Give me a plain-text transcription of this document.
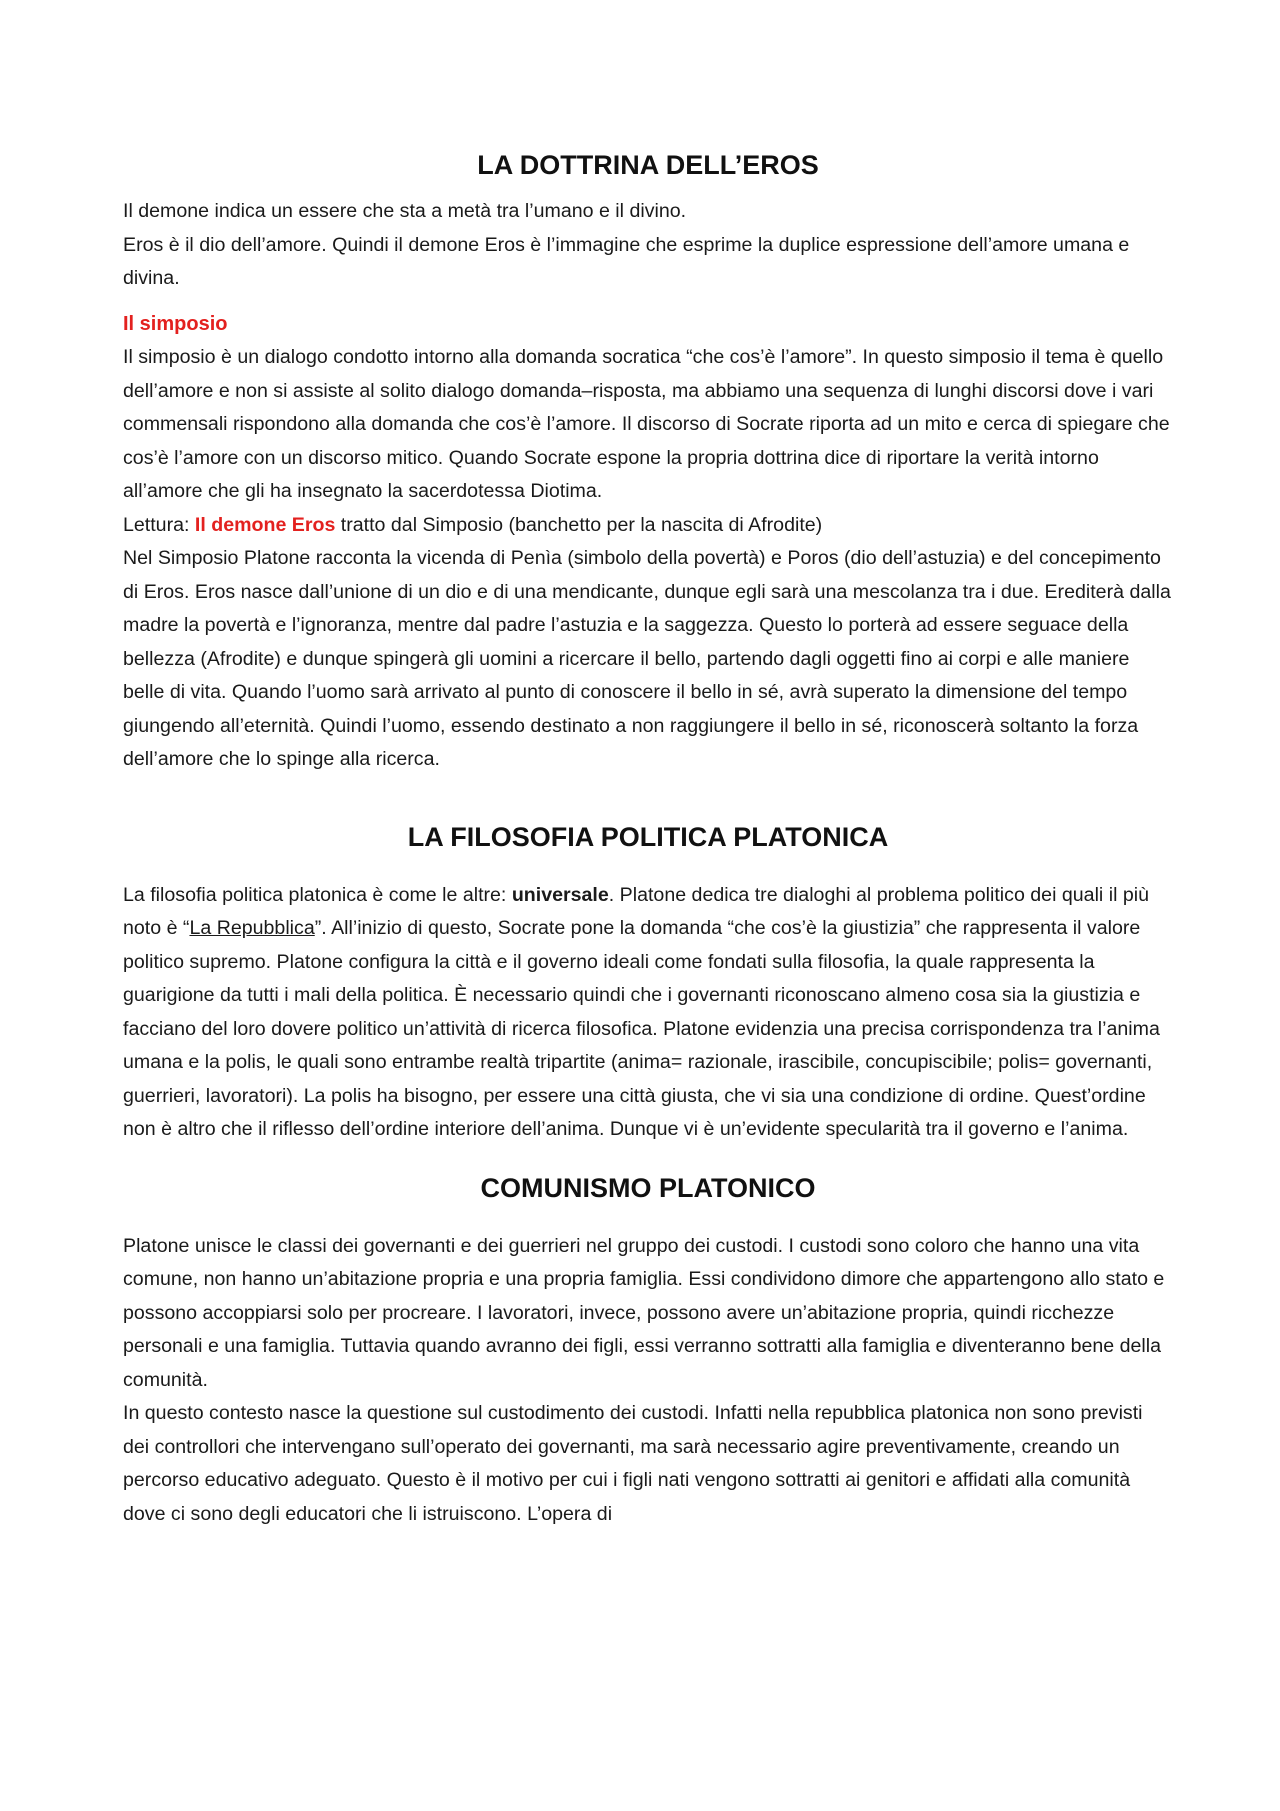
LA DOTTRINA DELL’EROS

Il demone indica un essere che sta a metà tra l’umano e il divino.

Eros è il dio dell’amore. Quindi il demone Eros è l’immagine che esprime la duplice espressione dell’amore umana e divina.

Il simposio

Il simposio è un dialogo condotto intorno alla domanda socratica “che cos’è l’amore”. In questo simposio il tema è quello dell’amore e non si assiste al solito dialogo domanda–risposta, ma abbiamo una sequenza di lunghi discorsi dove i vari commensali rispondono alla domanda che cos’è l’amore. Il discorso di Socrate riporta ad un mito e cerca di spiegare che cos’è l’amore con un discorso mitico. Quando Socrate espone la propria dottrina dice di riportare la verità intorno all’amore che gli ha insegnato la sacerdotessa Diotima.

Lettura: Il demone Eros tratto dal Simposio (banchetto per la nascita di Afrodite)

Nel Simposio Platone racconta la vicenda di Penìa (simbolo della povertà) e Poros (dio dell’astuzia) e del concepimento di Eros. Eros nasce dall’unione di un dio e di una mendicante, dunque egli sarà una mescolanza tra i due. Erediterà dalla madre la povertà e l’ignoranza, mentre dal padre l’astuzia e la saggezza. Questo lo porterà ad essere seguace della bellezza (Afrodite) e dunque spingerà gli uomini a ricercare il bello, partendo dagli oggetti fino ai corpi e alle maniere belle di vita. Quando l’uomo sarà arrivato al punto di conoscere il bello in sé, avrà superato la dimensione del tempo giungendo all’eternità. Quindi l’uomo, essendo destinato a non raggiungere il bello in sé, riconoscerà soltanto la forza dell’amore che lo spinge alla ricerca.

LA FILOSOFIA POLITICA PLATONICA

La filosofia politica platonica è come le altre: universale. Platone dedica tre dialoghi al problema politico dei quali il più noto è “La Repubblica”. All’inizio di questo, Socrate pone la domanda “che cos’è la giustizia” che rappresenta il valore politico supremo. Platone configura la città e il governo ideali come fondati sulla filosofia, la quale rappresenta la guarigione da tutti i mali della politica. È necessario quindi che i governanti riconoscano almeno cosa sia la giustizia e facciano del loro dovere politico un’attività di ricerca filosofica. Platone evidenzia una precisa corrispondenza tra l’anima umana e la polis, le quali sono entrambe realtà tripartite (anima= razionale, irascibile, concupiscibile; polis= governanti, guerrieri, lavoratori). La polis ha bisogno, per essere una città giusta, che vi sia una condizione di ordine. Quest’ordine non è altro che il riflesso dell’ordine interiore dell’anima. Dunque vi è un’evidente specularità tra il governo e l’anima.

COMUNISMO PLATONICO

Platone unisce le classi dei governanti e dei guerrieri nel gruppo dei custodi. I custodi sono coloro che hanno una vita comune, non hanno un’abitazione propria e una propria famiglia. Essi condividono dimore che appartengono allo stato e possono accoppiarsi solo per procreare. I lavoratori, invece, possono avere un’abitazione propria, quindi ricchezze personali e una famiglia. Tuttavia quando avranno dei figli, essi verranno sottratti alla famiglia e diventeranno bene della comunità.

In questo contesto nasce la questione sul custodimento dei custodi. Infatti nella repubblica platonica non sono previsti dei controllori che intervengano sull’operato dei governanti, ma sarà necessario agire preventivamente, creando un percorso educativo adeguato. Questo è il motivo per cui i figli nati vengono sottratti ai genitori e affidati alla comunità dove ci sono degli educatori che li istruiscono. L’opera di
